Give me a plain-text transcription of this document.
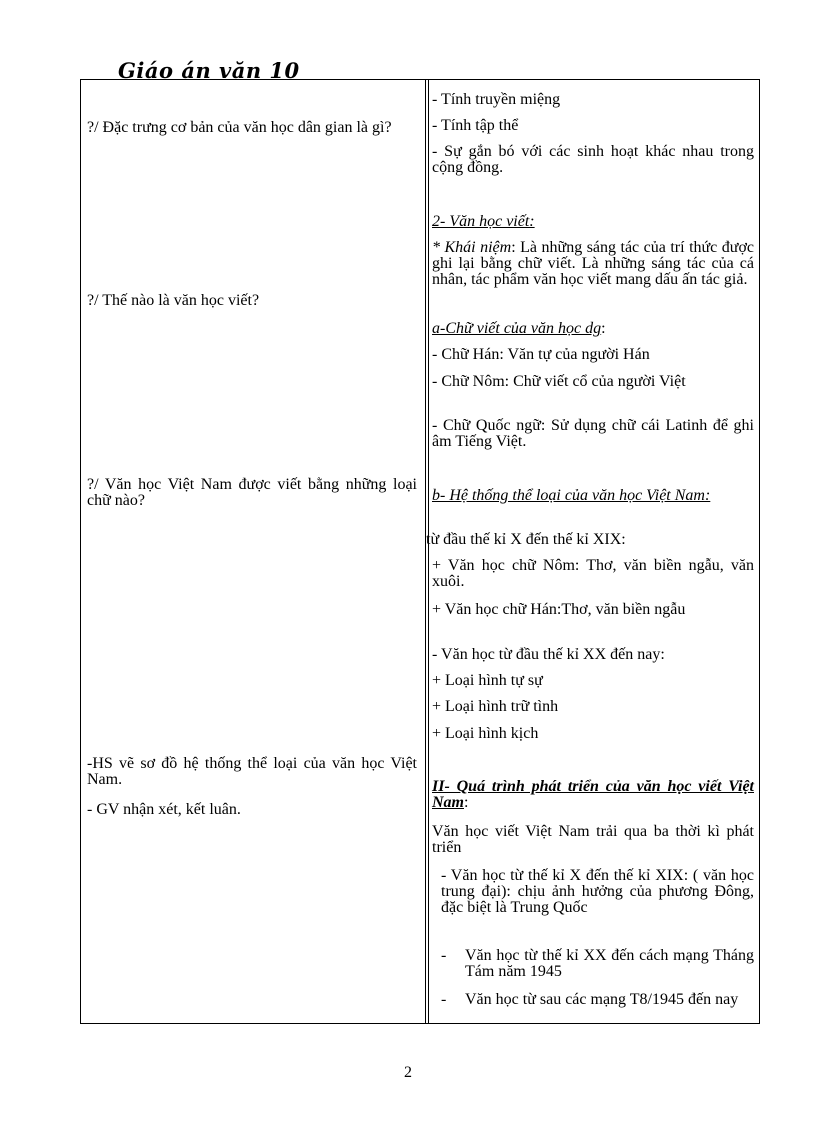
Giáo án văn 10

?/ Đặc trưng cơ bản của văn học dân gian là gì?

?/ Thế nào là văn học viết?

?/ Văn học Việt Nam được viết bằng những loại chữ nào?

-HS vẽ sơ đồ hệ thống thể loại của văn học Việt Nam.

- GV nhận xét, kết luân.

- Tính truyền miệng

- Tính tập thể

- Sự gắn bó với các sinh hoạt khác nhau trong cộng đồng.

2- Văn học viết:

* Khái niệm: Là những sáng tác của trí thức được ghi lại bằng chữ viết. Là những sáng tác của cá nhân, tác phẩm văn học viết mang dấu ấn tác giả.

a-Chữ viết của văn học dg:

- Chữ Hán: Văn tự của người Hán

- Chữ Nôm: Chữ viết cổ của người Việt

- Chữ Quốc ngữ: Sử dụng chữ cái Latinh để ghi âm Tiếng Việt.

b- Hệ thống thể loại của văn học Việt Nam:

từ đầu thế kỉ X đến thế kỉ XIX:

+ Văn học chữ Nôm: Thơ, văn biền ngẫu, văn xuôi.

+ Văn học chữ Hán:Thơ, văn biền ngẫu

- Văn học từ đầu thế kỉ XX đến nay:

+ Loại hình tự sự

+ Loại hình trữ tình

+ Loại hình kịch

II- Quá trình phát triển của văn học viết Việt Nam:

Văn học viết Việt Nam trải qua ba thời kì phát triển

- Văn học từ thế kỉ X đến thế kỉ XIX: ( văn học trung đại): chịu ảnh hưởng của phương Đông, đặc biệt là Trung Quốc

-	Văn học từ thế kỉ XX đến cách mạng Tháng Tám năm 1945
-	Văn học từ sau các mạng T8/1945 đến nay
2
